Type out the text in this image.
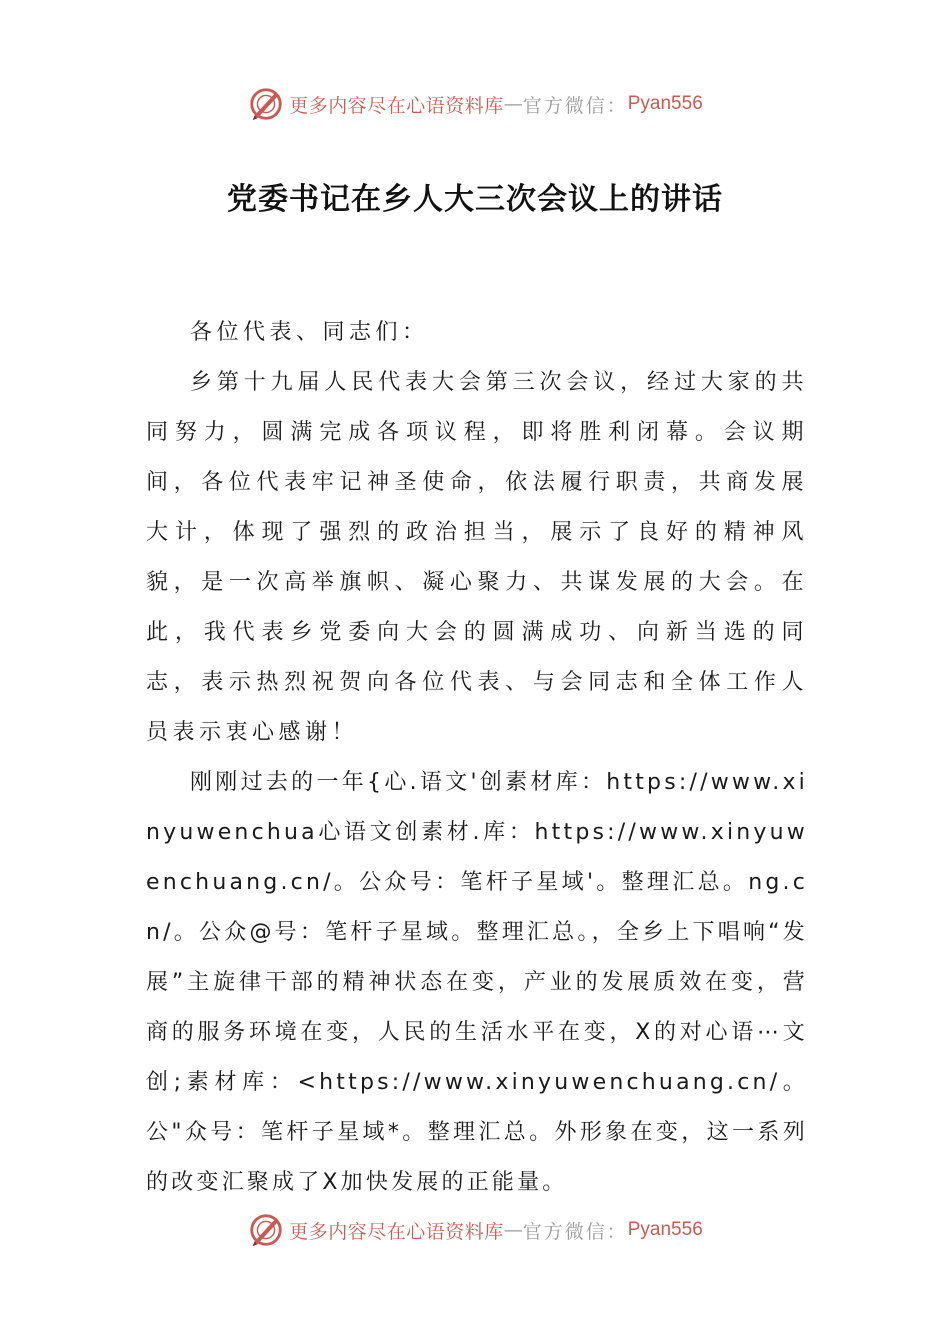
更多内容尽在心语资料库 — 官方微信： Pyan556
党委书记在乡人大三次会议上的讲话

各位代表、同志们：

乡第十九届人民代表大会第三次会议，经过大家的共同努力，圆满完成各项议程，即将胜利闭幕。会议期间，各位代表牢记神圣使命，依法履行职责，共商发展大计，体现了强烈的政治担当，展示了良好的精神风貌，是一次高举旗帜、凝心聚力、共谋发展的大会。在此，我代表乡党委向大会的圆满成功、向新当选的同志，表示热烈祝贺向各位代表、与会同志和全体工作人员表示衷心感谢！

刚刚过去的一年{心.语文'创素材库：https://www.xinyuwenchua心语文创素材.库：https://www.xinyuwenchuang.cn/。公众号：笔杆子星域'。整理汇总。ng.cn/。公众@号：笔杆子星域。整理汇总。，全乡上下唱响“发展”主旋律干部的精神状态在变，产业的发展质效在变，营商的服务环境在变，人民的生活水平在变，X的对心语⋯文创;素材库：<https://www.xinyuwenchuang.cn/。公"众号：笔杆子星域*。整理汇总。外形象在变，这一系列的改变汇聚成了X加快发展的正能量。

更多内容尽在心语资料库 — 官方微信： Pyan556
